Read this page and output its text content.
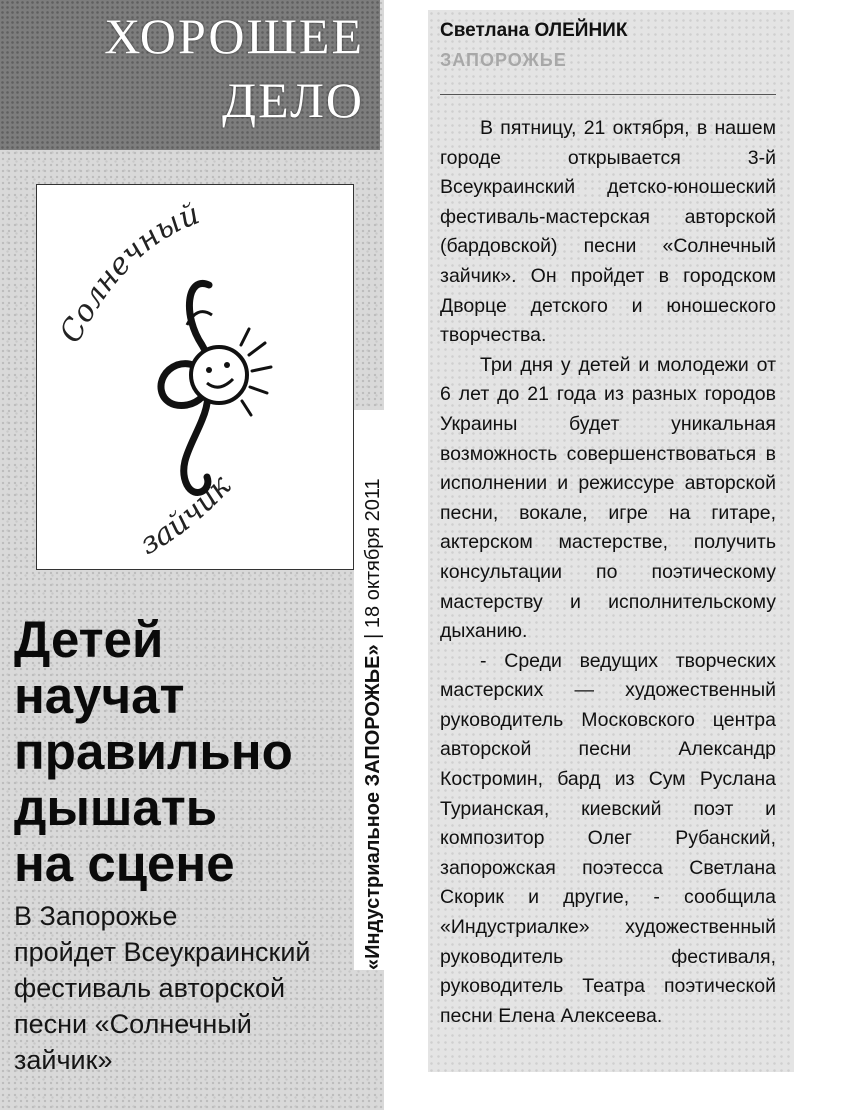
ХОРОШЕЕ
ДЕЛО
Солнечный
зайчик
«Индустриальное ЗАПОРОЖЬЕ» | 18 октября 2011
Детей
научат
правильно
дышать
на сцене
В Запорожье
пройдет Всеукраинский
фестиваль авторской
песни «Солнечный
зайчик»
Светлана ОЛЕЙНИК
ЗАПОРОЖЬЕ

В пятницу, 21 октября, в нашем городе открывается 3-й Всеукраинский детско-юношеский фестиваль-мастерская авторской (бардовской) песни «Солнечный зайчик». Он пройдет в городском Дворце детского и юношеского творчества.

Три дня у детей и молодежи от 6 лет до 21 года из разных городов Украины будет уникальная возможность совершенствоваться в исполнении и режиссуре авторской песни, вокале, игре на гитаре, актерском мастерстве, получить консультации по поэтическому мастерству и исполнительскому дыханию.

- Среди ведущих творческих мастерских — художественный руководитель Московского центра авторской песни Александр Костромин, бард из Сум Руслана Турианская, киевский поэт и композитор Олег Рубанский, запорожская поэтесса Светлана Скорик и другие, - сообщила «Индустриалке» художественный руководитель фестиваля, руководитель Театра поэтической песни Елена Алексеева.
